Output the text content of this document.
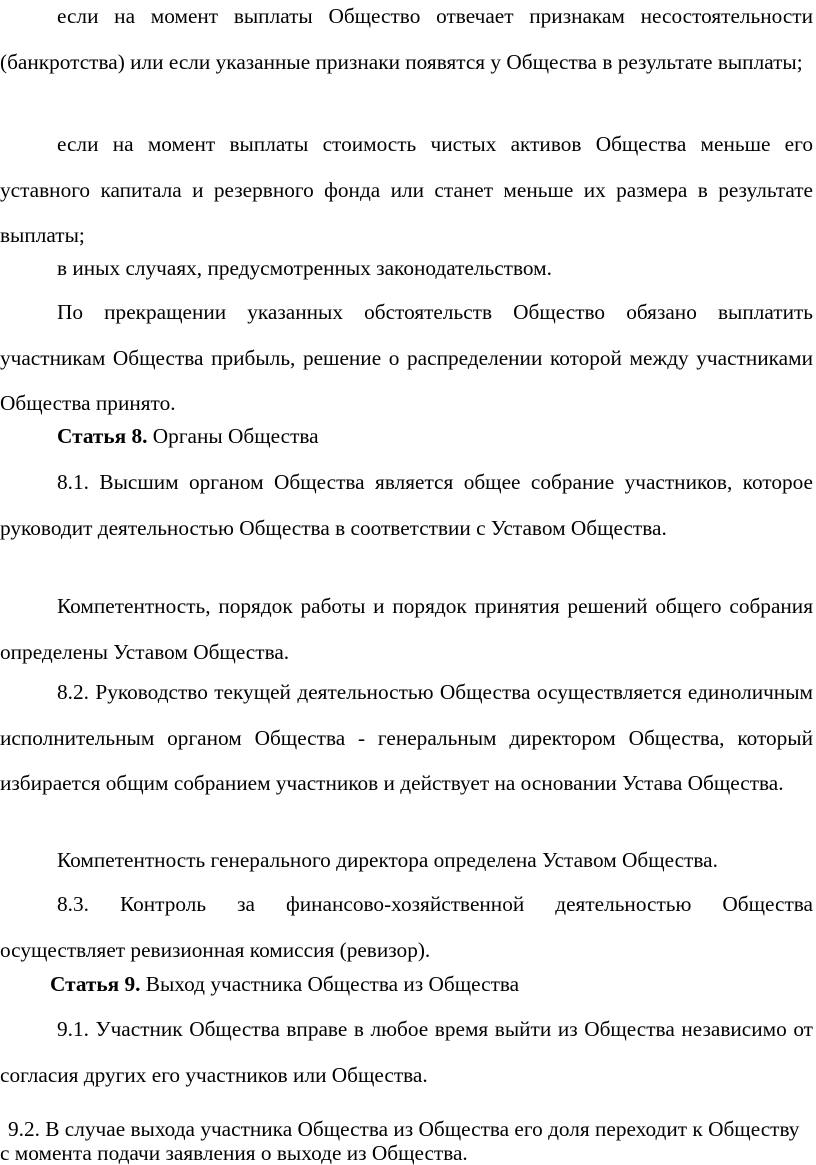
если на момент выплаты Общество отвечает признакам несостоятельности (банкротства) или если указанные признаки появятся у Общества в результате выплаты;

если на момент выплаты стоимость чистых активов Общества меньше его уставного капитала и резервного фонда или станет меньше их размера в результате выплаты;

в иных случаях, предусмотренных законодательством.

По прекращении указанных обстоятельств Общество обязано выплатить участникам Общества прибыль, решение о распределении которой между участниками Общества принято.

Статья 8. Органы Общества

8.1. Высшим органом Общества является общее собрание участников, которое руководит деятельностью Общества в соответствии с Уставом Общества.

Компетентность, порядок работы и порядок принятия решений общего собрания определены Уставом Общества.

8.2. Руководство текущей деятельностью Общества осуществляется единоличным исполнительным органом Общества - генеральным директором Общества, который избирается общим собранием участников и действует на основании Устава Общества.

Компетентность генерального директора определена Уставом Общества.

8.3. Контроль за финансово-хозяйственной деятельностью Общества осуществляет ревизионная комиссия (ревизор).

Статья 9. Выход участника Общества из Общества

9.1. Участник Общества вправе в любое время выйти из Общества независимо от согласия других его участников или Общества.

9.2. В случае выхода участника Общества из Общества его доля переходит к Обществу с момента подачи заявления о выходе из Общества.
